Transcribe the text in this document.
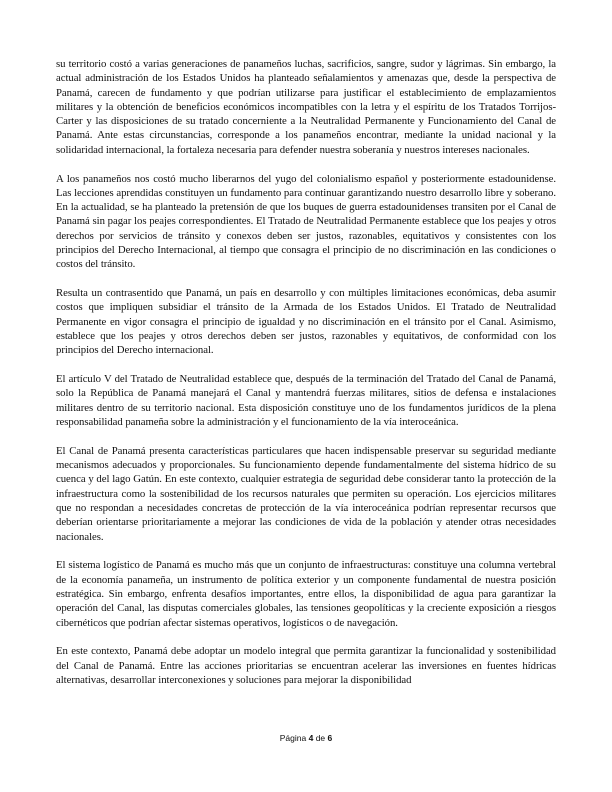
su territorio costó a varias generaciones de panameños luchas, sacrificios, sangre, sudor y lágrimas. Sin embargo, la actual administración de los Estados Unidos ha planteado señalamientos y amenazas que, desde la perspectiva de Panamá, carecen de fundamento y que podrían utilizarse para justificar el establecimiento de emplazamientos militares y la obtención de beneficios económicos incompatibles con la letra y el espíritu de los Tratados Torrijos-Carter y las disposiciones de su tratado concerniente a la Neutralidad Permanente y Funcionamiento del Canal de Panamá. Ante estas circunstancias, corresponde a los panameños encontrar, mediante la unidad nacional y la solidaridad internacional, la fortaleza necesaria para defender nuestra soberanía y nuestros intereses nacionales.

A los panameños nos costó mucho liberarnos del yugo del colonialismo español y posteriormente estadounidense. Las lecciones aprendidas constituyen un fundamento para continuar garantizando nuestro desarrollo libre y soberano. En la actualidad, se ha planteado la pretensión de que los buques de guerra estadounidenses transiten por el Canal de Panamá sin pagar los peajes correspondientes. El Tratado de Neutralidad Permanente establece que los peajes y otros derechos por servicios de tránsito y conexos deben ser justos, razonables, equitativos y consistentes con los principios del Derecho Internacional, al tiempo que consagra el principio de no discriminación en las condiciones o costos del tránsito.

Resulta un contrasentido que Panamá, un país en desarrollo y con múltiples limitaciones económicas, deba asumir costos que impliquen subsidiar el tránsito de la Armada de los Estados Unidos. El Tratado de Neutralidad Permanente en vigor consagra el principio de igualdad y no discriminación en el tránsito por el Canal. Asimismo, establece que los peajes y otros derechos deben ser justos, razonables y equitativos, de conformidad con los principios del Derecho internacional.

El artículo V del Tratado de Neutralidad establece que, después de la terminación del Tratado del Canal de Panamá, solo la República de Panamá manejará el Canal y mantendrá fuerzas militares, sitios de defensa e instalaciones militares dentro de su territorio nacional. Esta disposición constituye uno de los fundamentos jurídicos de la plena responsabilidad panameña sobre la administración y el funcionamiento de la vía interoceánica.

El Canal de Panamá presenta características particulares que hacen indispensable preservar su seguridad mediante mecanismos adecuados y proporcionales. Su funcionamiento depende fundamentalmente del sistema hídrico de su cuenca y del lago Gatún. En este contexto, cualquier estrategia de seguridad debe considerar tanto la protección de la infraestructura como la sostenibilidad de los recursos naturales que permiten su operación. Los ejercicios militares que no respondan a necesidades concretas de protección de la vía interoceánica podrían representar recursos que deberían orientarse prioritariamente a mejorar las condiciones de vida de la población y atender otras necesidades nacionales.

El sistema logístico de Panamá es mucho más que un conjunto de infraestructuras: constituye una columna vertebral de la economía panameña, un instrumento de política exterior y un componente fundamental de nuestra posición estratégica. Sin embargo, enfrenta desafíos importantes, entre ellos, la disponibilidad de agua para garantizar la operación del Canal, las disputas comerciales globales, las tensiones geopolíticas y la creciente exposición a riesgos cibernéticos que podrían afectar sistemas operativos, logísticos o de navegación.

En este contexto, Panamá debe adoptar un modelo integral que permita garantizar la funcionalidad y sostenibilidad del Canal de Panamá. Entre las acciones prioritarias se encuentran acelerar las inversiones en fuentes hídricas alternativas, desarrollar interconexiones y soluciones para mejorar la disponibilidad

Página 4 de 6
